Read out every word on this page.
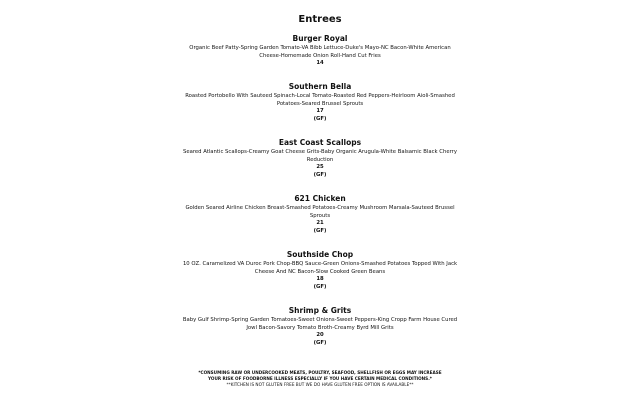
Entrees
Burger Royal
Organic Beef Patty-Spring Garden Tomato-VA Bibb Lettuce-Duke's Mayo-NC Bacon-White American Cheese-Homemade Onion Roll-Hand Cut Fries
14
Southern Bella
Roasted Portobello With Sauteed Spinach-Local Tomato-Roasted Red Peppers-Heirloom Aioli-Smashed Potatoes-Seared Brussel Sprouts
17
(GF)
East Coast Scallops
Seared Atlantic Scallops-Creamy Goat Cheese Grits-Baby Organic Arugula-White Balsamic Black Cherry Reduction
25
(GF)
621 Chicken
Golden Seared Airline Chicken Breast-Smashed Potatoes-Creamy Mushroom Marsala-Sauteed Brussel Sprouts
21
(GF)
Southside Chop
10 OZ. Caramelized VA Duroc Pork Chop-BBQ Sauce-Green Onions-Smashed Potatoes Topped With Jack Cheese And NC Bacon-Slow Cooked Green Beans
18
(GF)
Shrimp & Grits
Baby Gulf Shrimp-Spring Garden Tomatoes-Sweet Onions-Sweet Peppers-King Cropp Farm House Cured Jowl Bacon-Savory Tomato Broth-Creamy Byrd Mill Grits
20
(GF)
*CONSUMING RAW OR UNDERCOOKED MEATS, POULTRY, SEAFOOD, SHELLFISH OR EGGS MAY INCREASE
YOUR RISK OF FOODBORNE ILLNESS ESPECIALLY IF YOU HAVE CERTAIN MEDICAL CONDITIONS.*
**KITCHEN IS NOT GLUTEN FREE BUT WE DO HAVE GLUTEN FREE OPTION IS AVAILABLE**
